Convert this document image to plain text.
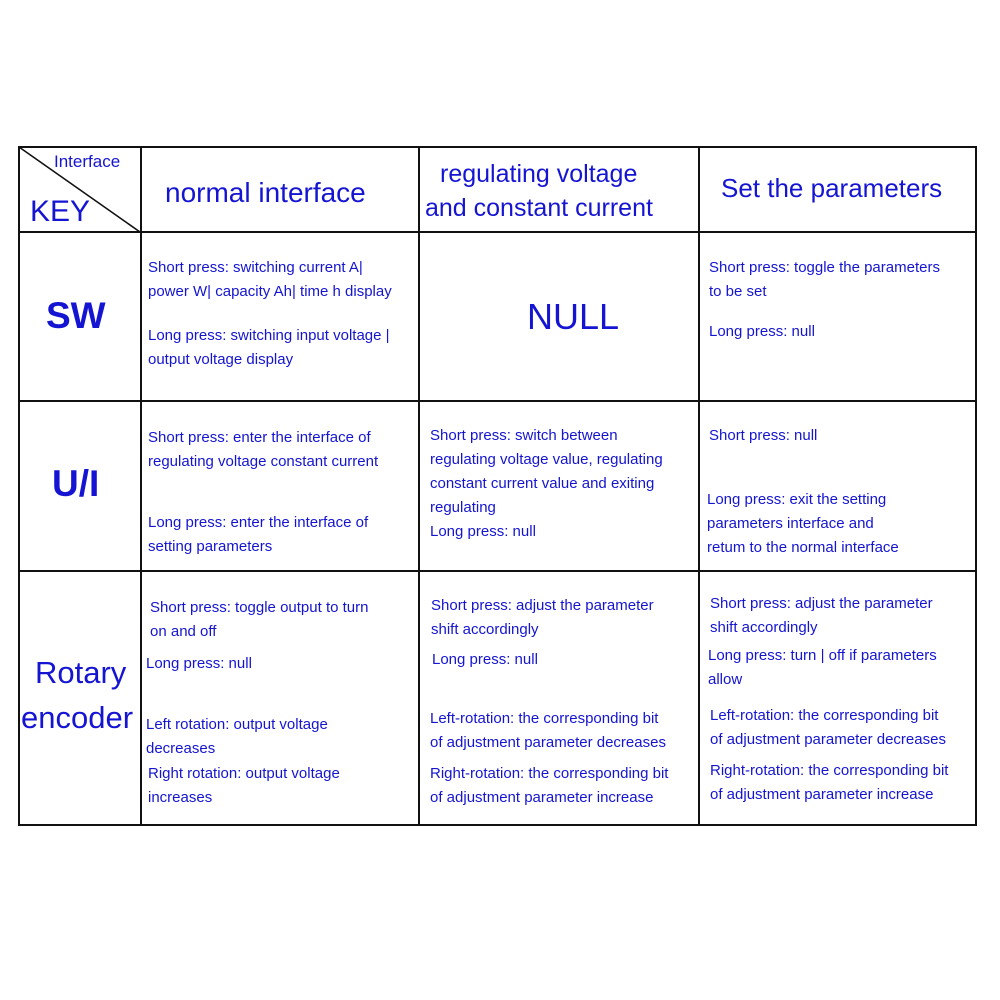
Interface

KEY

normal interface

regulating voltage

and constant current

Set the parameters

SW

U/I

Rotary

encoder

Short press: switching current A|

power W| capacity Ah| time h display

Long press: switching input voltage |

output voltage display

NULL

Short press: toggle the parameters

to be set

Long press: null

Short press: enter the interface of

regulating voltage constant current

Long press: enter the interface of

setting parameters

Short press: switch between

regulating voltage value, regulating

constant current value and exiting

regulating

Long press: null

Short press: null

Long press: exit the setting

parameters interface and

retum to the normal interface

Short press: toggle output to turn

on and off

Long press: null

Left rotation: output voltage

decreases

Right rotation: output voltage

increases

Short press: adjust the parameter

shift accordingly

Long press: null

Left-rotation: the corresponding bit

of adjustment parameter decreases

Right-rotation: the corresponding bit

of adjustment parameter increase

Short press: adjust the parameter

shift accordingly

Long press: turn | off if parameters

allow

Left-rotation: the corresponding bit

of adjustment parameter decreases

Right-rotation: the corresponding bit

of adjustment parameter increase
